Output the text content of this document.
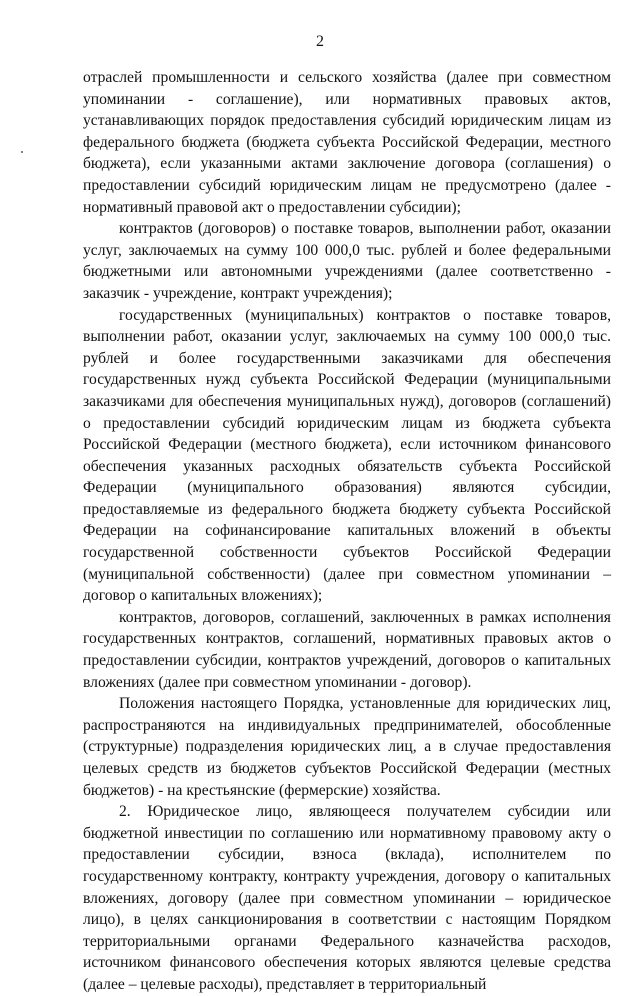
2

отраслей промышленности и сельского хозяйства (далее при совместном упоминании - соглашение), или нормативных правовых актов, устанавливающих порядок предоставления субсидий юридическим лицам из федерального бюджета (бюджета субъекта Российской Федерации, местного бюджета), если указанными актами заключение договора (соглашения) о предоставлении субсидий юридическим лицам не предусмотрено (далее - нормативный правовой акт о предоставлении субсидии);

контрактов (договоров) о поставке товаров, выполнении работ, оказании услуг, заключаемых на сумму 100 000,0 тыс. рублей и более федеральными бюджетными или автономными учреждениями (далее соответственно - заказчик - учреждение, контракт учреждения);

государственных (муниципальных) контрактов о поставке товаров, выполнении работ, оказании услуг, заключаемых на сумму 100 000,0 тыс. рублей и более государственными заказчиками для обеспечения государственных нужд субъекта Российской Федерации (муниципальными заказчиками для обеспечения муниципальных нужд), договоров (соглашений) о предоставлении субсидий юридическим лицам из бюджета субъекта Российской Федерации (местного бюджета), если источником финансового обеспечения указанных расходных обязательств субъекта Российской Федерации (муниципального образования) являются субсидии, предоставляемые из федерального бюджета бюджету субъекта Российской Федерации на софинансирование капитальных вложений в объекты государственной собственности субъектов Российской Федерации (муниципальной собственности) (далее при совместном упоминании – договор о капитальных вложениях);

контрактов, договоров, соглашений, заключенных в рамках исполнения государственных контрактов, соглашений, нормативных правовых актов о предоставлении субсидии, контрактов учреждений, договоров о капитальных вложениях (далее при совместном упоминании - договор).

Положения настоящего Порядка, установленные для юридических лиц, распространяются на индивидуальных предпринимателей, обособленные (структурные) подразделения юридических лиц, а в случае предоставления целевых средств из бюджетов субъектов Российской Федерации (местных бюджетов) - на крестьянские (фермерские) хозяйства.

2. Юридическое лицо, являющееся получателем субсидии или бюджетной инвестиции по соглашению или нормативному правовому акту о предоставлении субсидии, взноса (вклада), исполнителем по государственному контракту, контракту учреждения, договору о капитальных вложениях, договору (далее при совместном упоминании – юридическое лицо), в целях санкционирования в соответствии с настоящим Порядком территориальными органами Федерального казначейства расходов, источником финансового обеспечения которых являются целевые средства (далее – целевые расходы), представляет в территориальный
